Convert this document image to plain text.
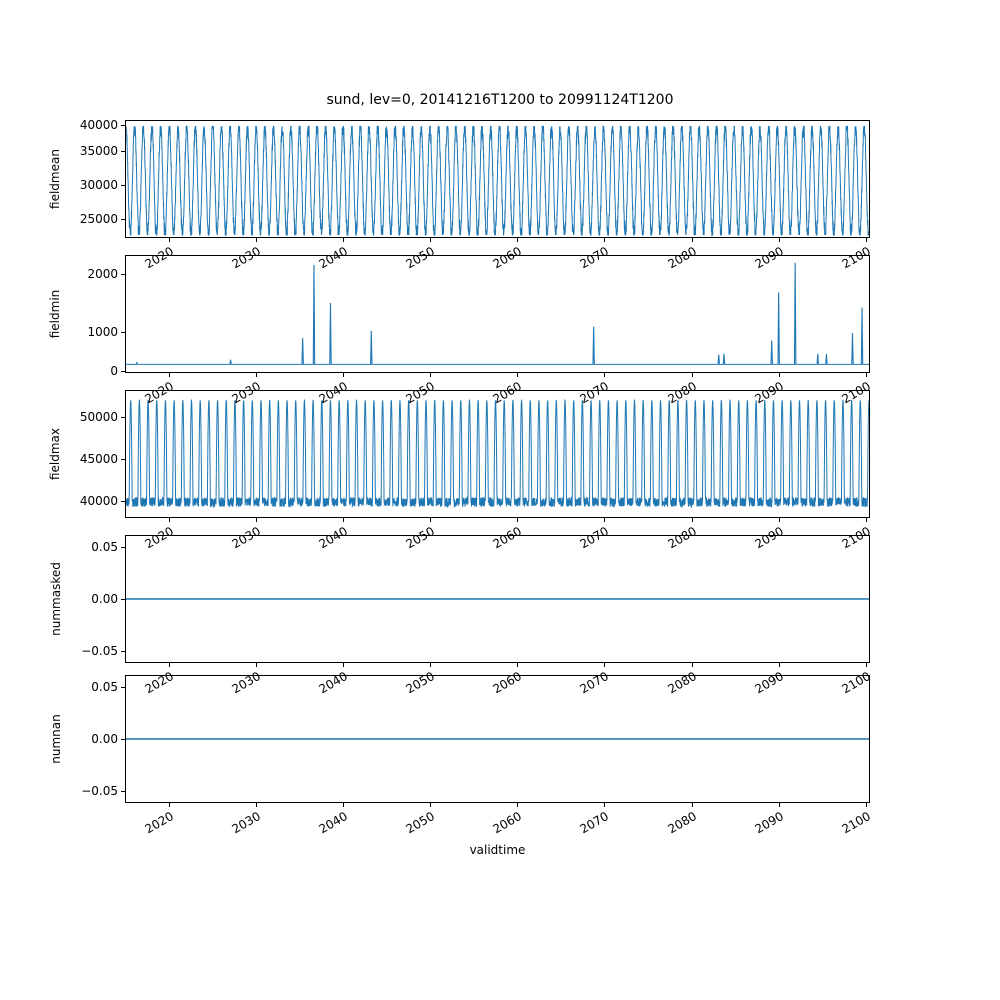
sund, lev=0, 20141216T1200 to 20991124T1200
fieldmean
25000
30000
35000
40000
fieldmin
0
1000
2000
fieldmax
40000
45000
50000
nummasked
−0.05
0.00
0.05
numnan
−0.05
0.00
0.05
validtime
2020	2030	2040	2050	2060	2070	2080	2090	2100
2020	2030	2040	2050	2060	2070	2080	2090	2100
2020	2030	2040	2050	2060	2070	2080	2090	2100
2020	2030	2040	2050	2060	2070	2080	2090	2100
2020	2030	2040	2050	2060	2070	2080	2090	2100
